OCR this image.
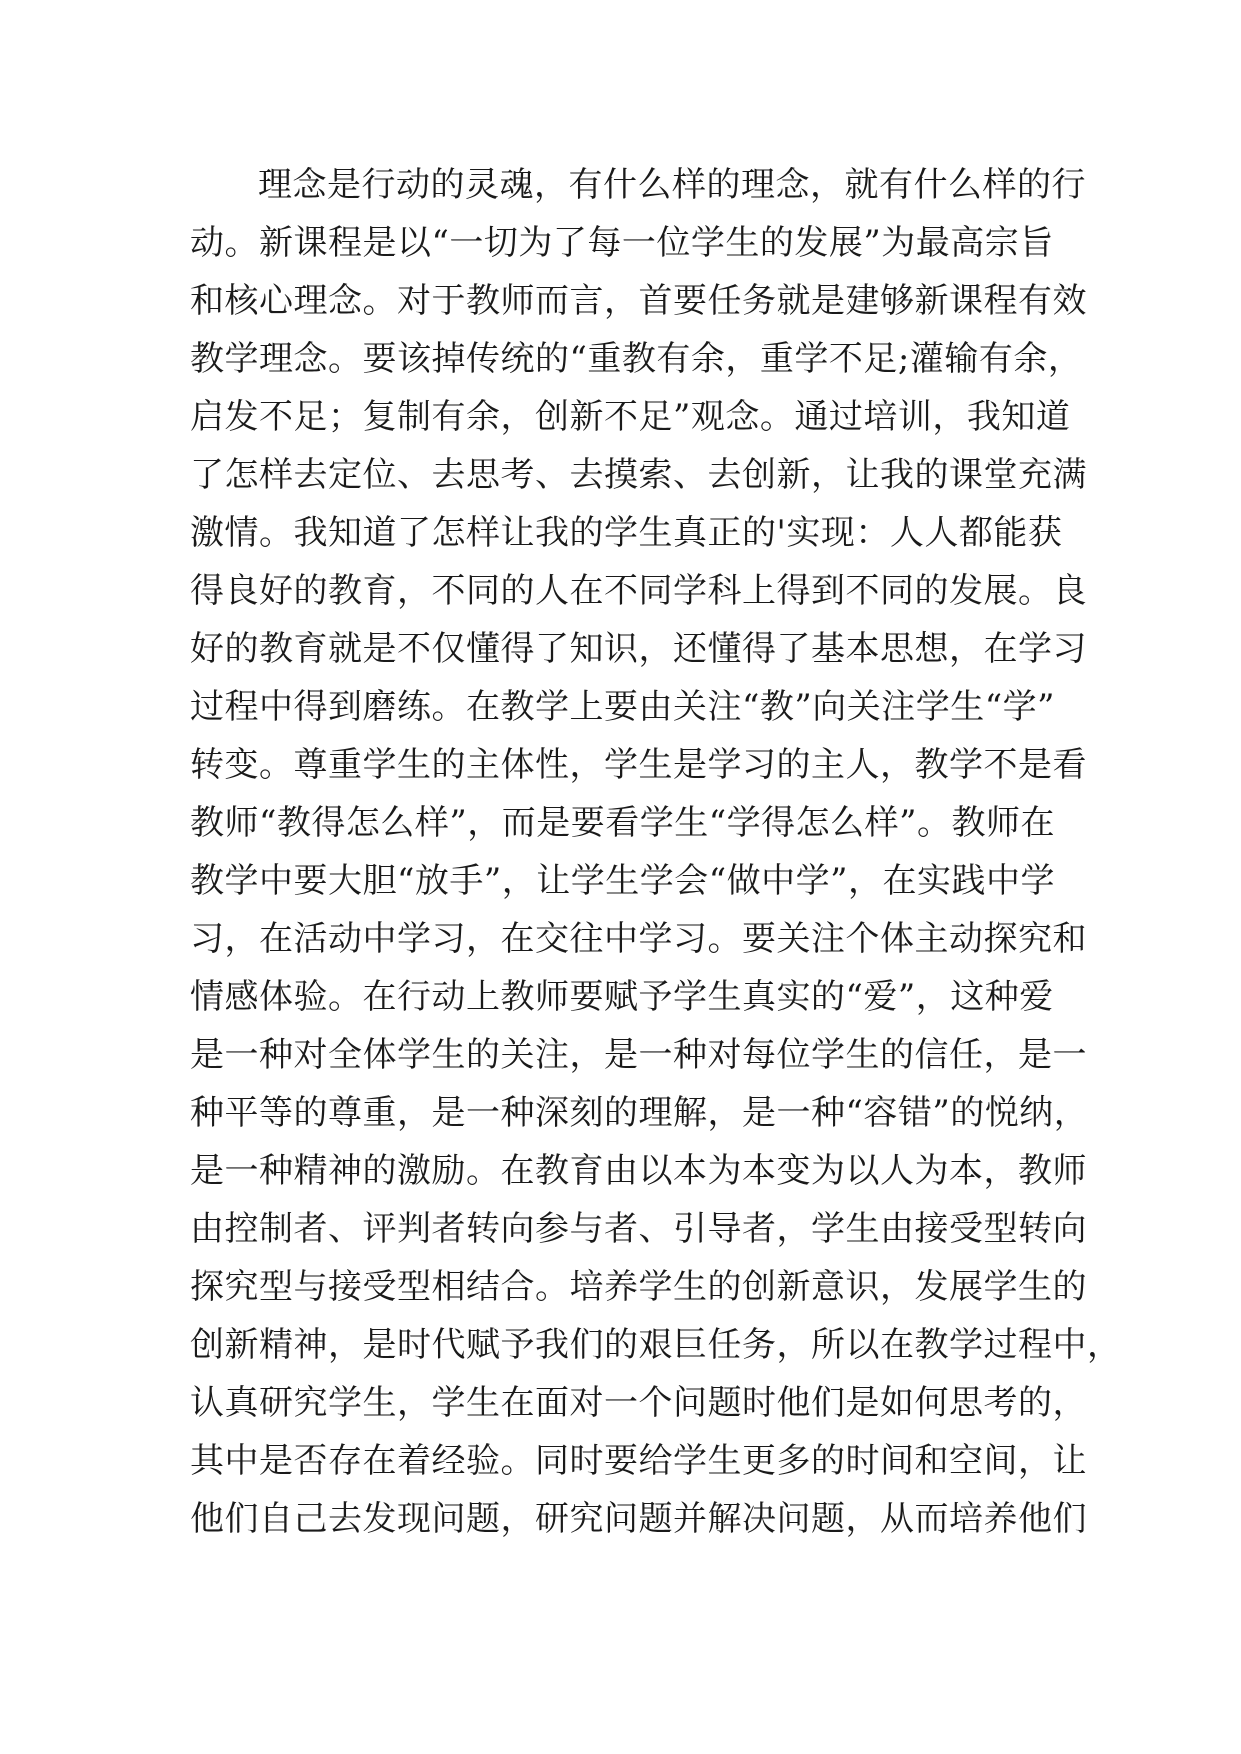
理念是行动的灵魂，有什么样的理念，就有什么样的行
动。新课程是以“一切为了每一位学生的发展”为最高宗旨
和核心理念。对于教师而言，首要任务就是建够新课程有效
教学理念。要该掉传统的“重教有余，重学不足;灌输有余，
启发不足；复制有余，创新不足”观念。通过培训，我知道
了怎样去定位、去思考、去摸索、去创新，让我的课堂充满
激情。我知道了怎样让我的学生真正的'实现：人人都能获
得良好的教育，不同的人在不同学科上得到不同的发展。良
好的教育就是不仅懂得了知识，还懂得了基本思想，在学习
过程中得到磨练。在教学上要由关注“教”向关注学生“学”
转变。尊重学生的主体性，学生是学习的主人，教学不是看
教师“教得怎么样”，而是要看学生“学得怎么样”。教师在
教学中要大胆“放手”，让学生学会“做中学”，在实践中学
习，在活动中学习，在交往中学习。要关注个体主动探究和
情感体验。在行动上教师要赋予学生真实的“爱”，这种爱
是一种对全体学生的关注，是一种对每位学生的信任，是一
种平等的尊重，是一种深刻的理解，是一种“容错”的悦纳，
是一种精神的激励。在教育由以本为本变为以人为本，教师
由控制者、评判者转向参与者、引导者，学生由接受型转向
探究型与接受型相结合。培养学生的创新意识，发展学生的
创新精神，是时代赋予我们的艰巨任务，所以在教学过程中，
认真研究学生，学生在面对一个问题时他们是如何思考的，
其中是否存在着经验。同时要给学生更多的时间和空间，让
他们自己去发现问题，研究问题并解决问题，从而培养他们
